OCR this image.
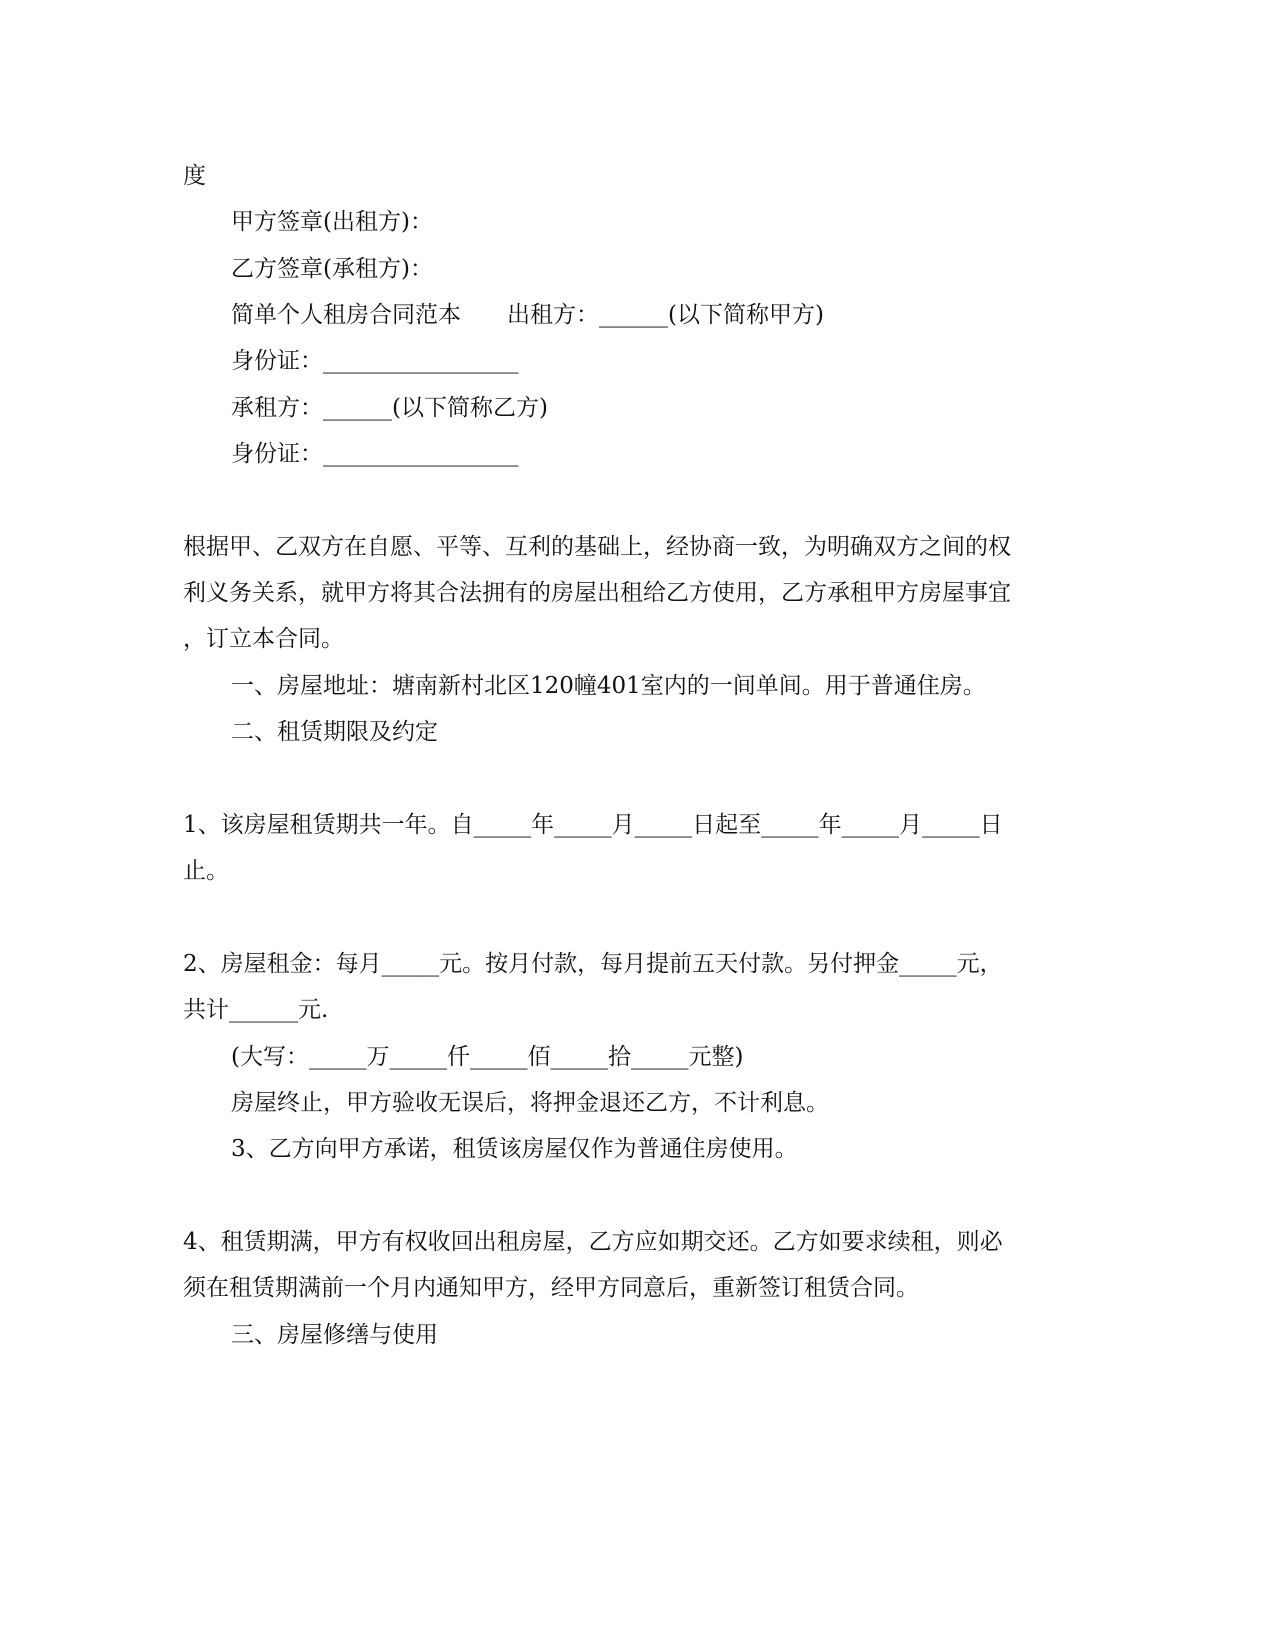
度

甲方签章(出租方)：

乙方签章(承租方)：

简单个人租房合同范本　　出租方：______(以下简称甲方)

身份证：_________________

承租方：______(以下简称乙方)

身份证：_________________

根据甲、乙双方在自愿、平等、互利的基础上，经协商一致，为明确双方之间的权

利义务关系，就甲方将其合法拥有的房屋出租给乙方使用，乙方承租甲方房屋事宜

，订立本合同。

一、房屋地址：塘南新村北区120幢401室内的一间单间。用于普通住房。

二、租赁期限及约定

1、该房屋租赁期共一年。自_____年_____月_____日起至_____年_____月_____日

止。

2、房屋租金：每月_____元。按月付款，每月提前五天付款。另付押金_____元，

共计______元.

(大写：_____万_____仟_____佰_____拾_____元整)

房屋终止，甲方验收无误后，将押金退还乙方，不计利息。

3、乙方向甲方承诺，租赁该房屋仅作为普通住房使用。

4、租赁期满，甲方有权收回出租房屋，乙方应如期交还。乙方如要求续租，则必

须在租赁期满前一个月内通知甲方，经甲方同意后，重新签订租赁合同。

三、房屋修缮与使用
